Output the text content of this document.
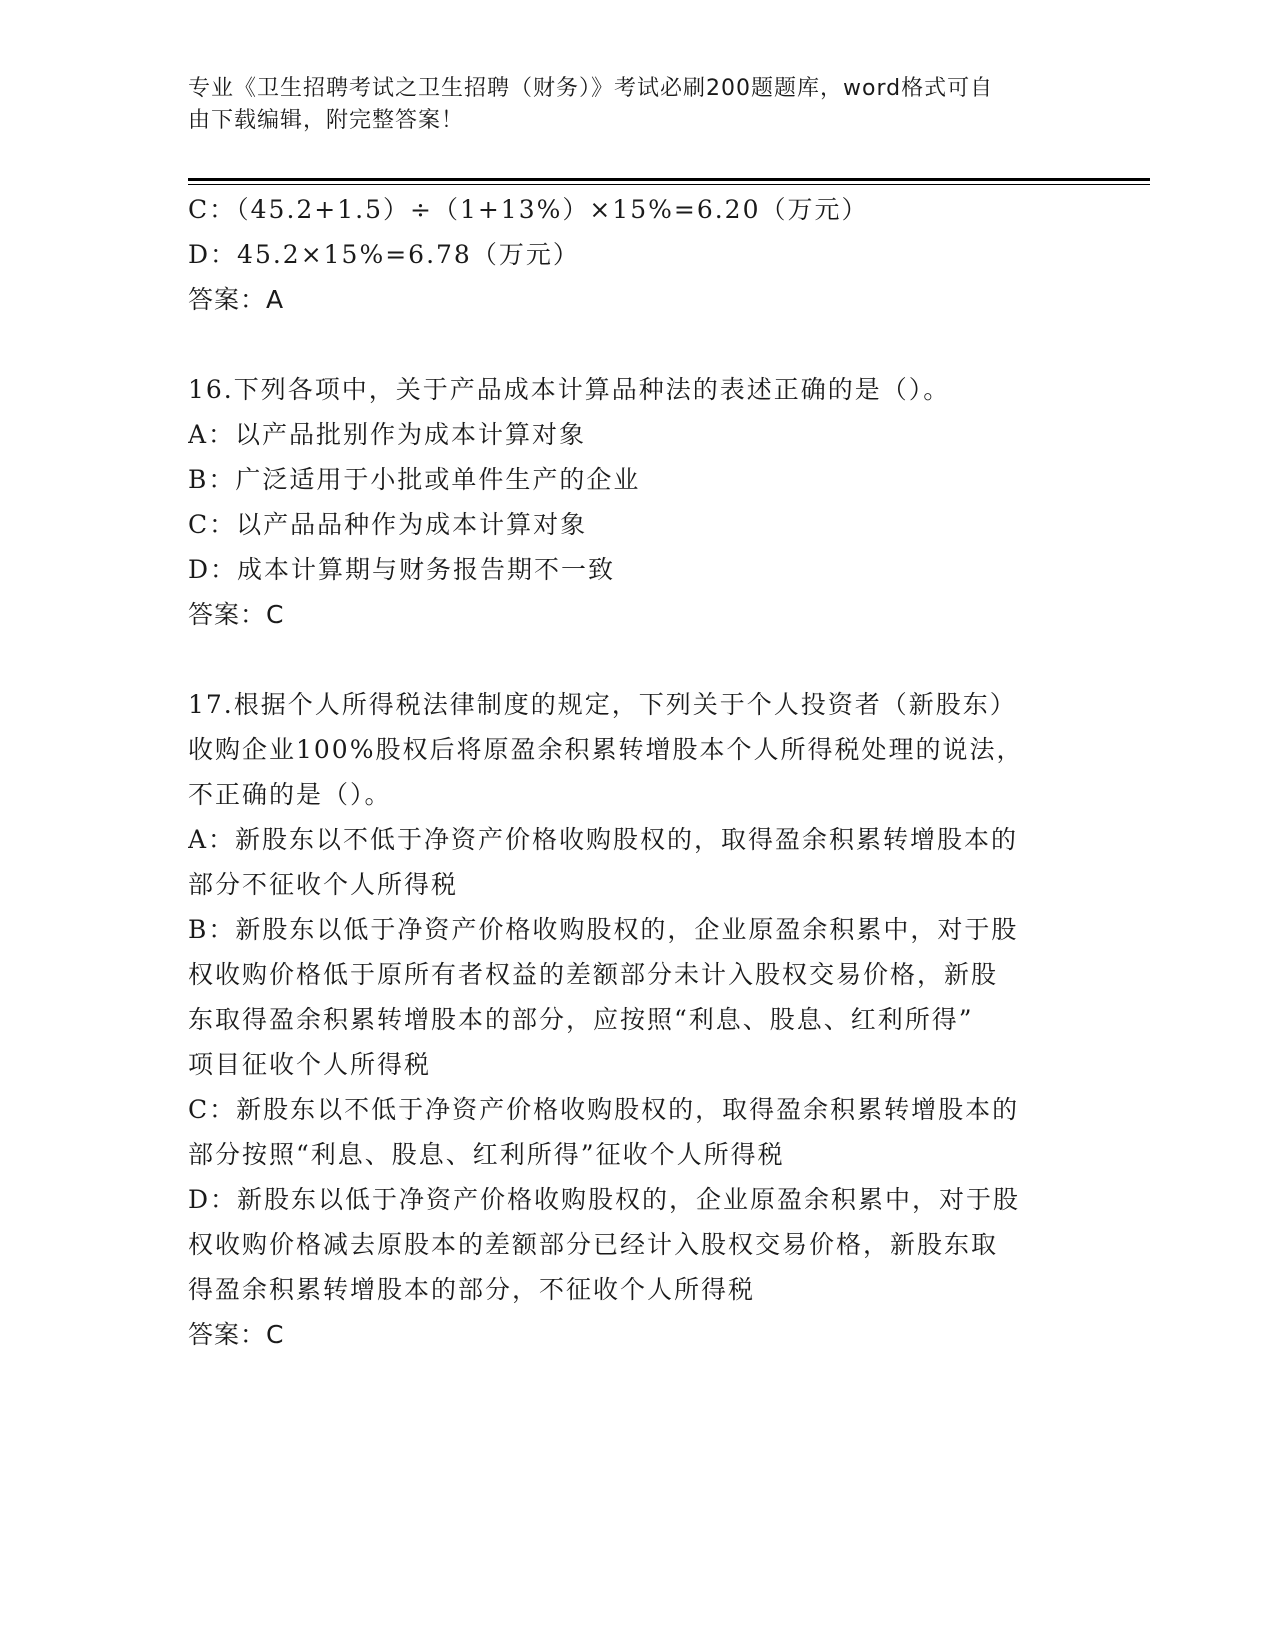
专业《卫生招聘考试之卫生招聘（财务）》考试必刷200题题库，word格式可自
由下载编辑，附完整答案！
C：（45.2+1.5）÷（1+13%）×15%=6.20（万元）
D：45.2×15%=6.78（万元）
答案：A
16.下列各项中，关于产品成本计算品种法的表述正确的是（）。
A：以产品批别作为成本计算对象
B：广泛适用于小批或单件生产的企业
C：以产品品种作为成本计算对象
D：成本计算期与财务报告期不一致
答案：C
17.根据个人所得税法律制度的规定，下列关于个人投资者（新股东）
收购企业100%股权后将原盈余积累转增股本个人所得税处理的说法，
不正确的是（）。
A：新股东以不低于净资产价格收购股权的，取得盈余积累转增股本的
部分不征收个人所得税
B：新股东以低于净资产价格收购股权的，企业原盈余积累中，对于股
权收购价格低于原所有者权益的差额部分未计入股权交易价格，新股
东取得盈余积累转增股本的部分，应按照“利息、股息、红利所得”
项目征收个人所得税
C：新股东以不低于净资产价格收购股权的，取得盈余积累转增股本的
部分按照“利息、股息、红利所得”征收个人所得税
D：新股东以低于净资产价格收购股权的，企业原盈余积累中，对于股
权收购价格减去原股本的差额部分已经计入股权交易价格，新股东取
得盈余积累转增股本的部分，不征收个人所得税
答案：C
